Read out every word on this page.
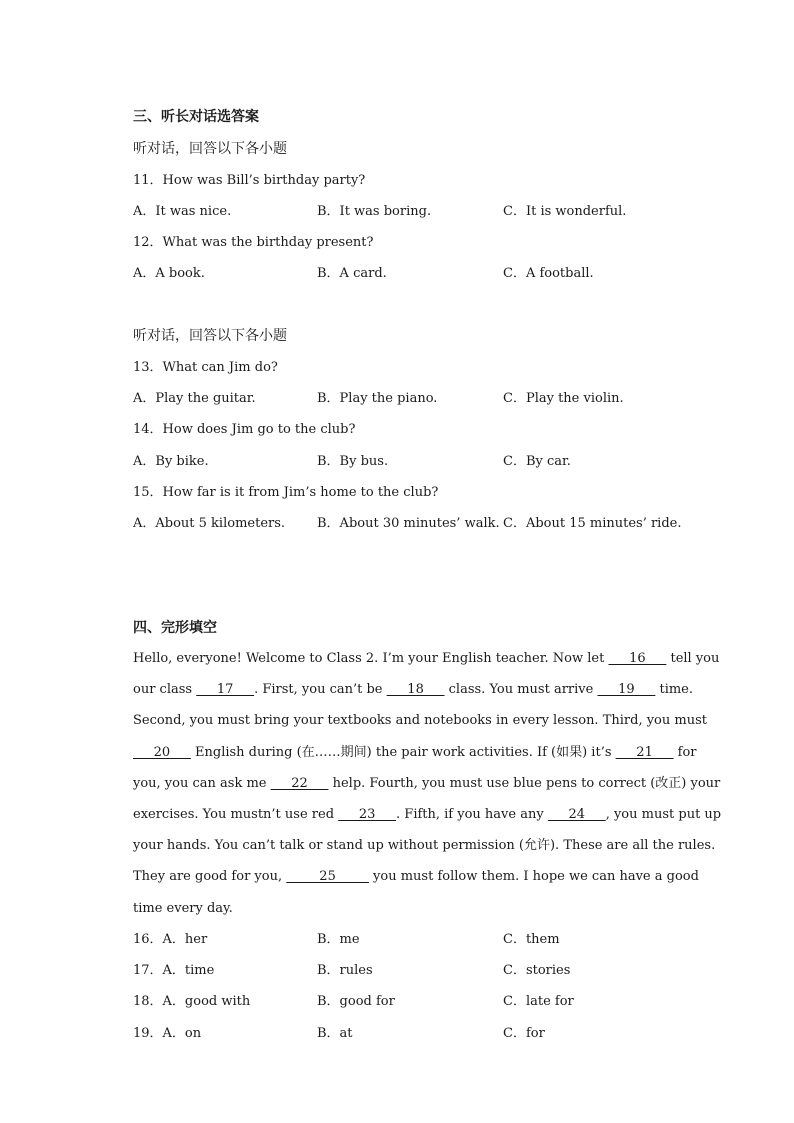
三、听长对话选答案
听对话，回答以下各小题
11．How was Bill’s birthday party?
A．It was nice.	B．It was boring.	C．It is wonderful.
12．What was the birthday present?
A．A book.	B．A card.	C．A football.
听对话，回答以下各小题
13．What can Jim do?
A．Play the guitar.	B．Play the piano.	C．Play the violin.
14．How does Jim go to the club?
A．By bike.	B．By bus.	C．By car.
15．How far is it from Jim’s home to the club?
A．About 5 kilometers. B．About 30 minutes’ walk. C．About 15 minutes’ ride.
四、完形填空
Hello, everyone! Welcome to Class 2. I’m your English teacher. Now let      16      tell you
our class      17     . First, you can’t be      18      class. You must arrive      19      time.
Second, you must bring your textbooks and notebooks in every lesson. Third, you must
20      English during (在……期间) the pair work activities. If (如果) it’s      21      for
you, you can ask me      22      help. Fourth, you must use blue pens to correct (改正) your
exercises. You mustn’t use red      23     . Fifth, if you have any      24     , you must put up
your hands. You can’t talk or stand up without permission (允许). These are all the rules.
They are good for you,         25         you must follow them. I hope we can have a good
time every day.
16．A．her	B．me	C．them
17．A．time	B．rules	C．stories
18．A．good with	B．good for	C．late for
19．A．on	B．at	C．for
